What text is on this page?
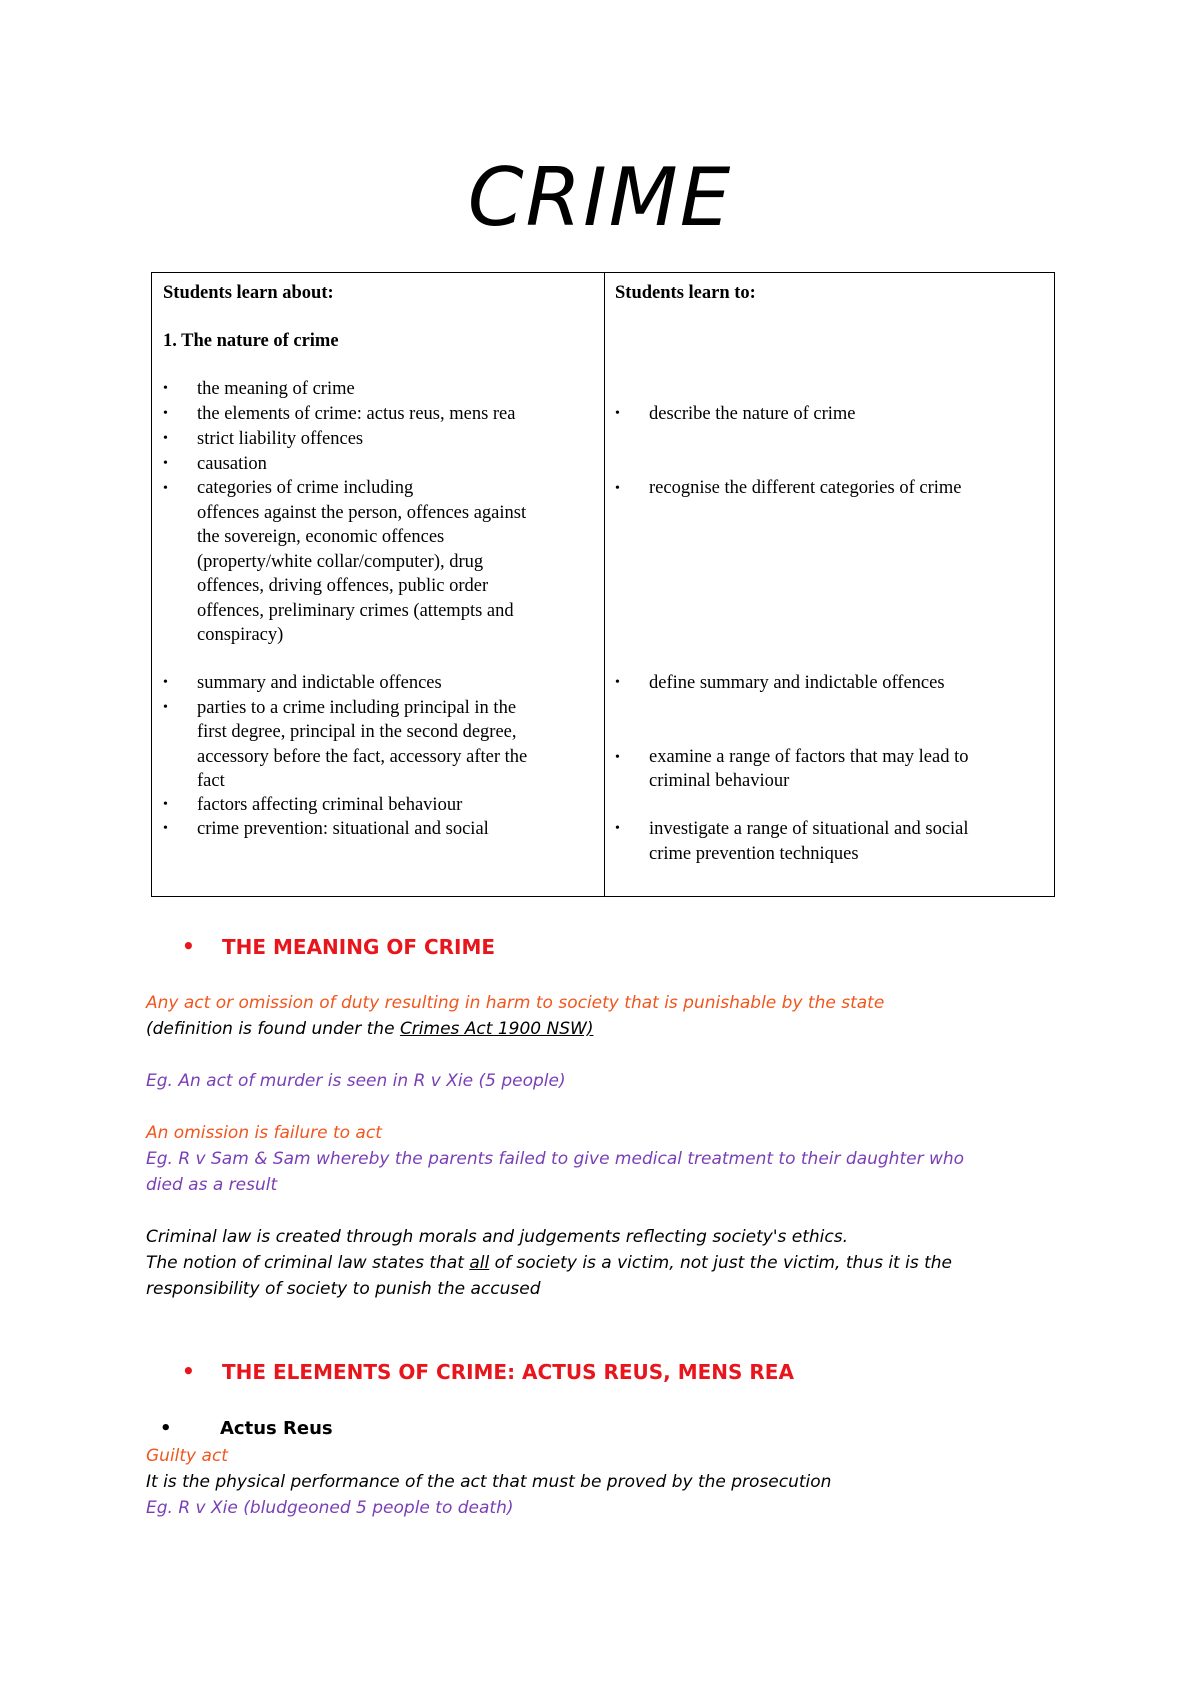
CRIME
Students learn about:
1. The nature of crime
• the meaning of crime
• the elements of crime: actus reus, mens rea
• strict liability offences
• causation
• categories of crime including
offences against the person, offences against
the sovereign, economic offences
(property/white collar/computer), drug
offences, driving offences, public order
offences, preliminary crimes (attempts and
conspiracy)
• summary and indictable offences
• parties to a crime including principal in the
first degree, principal in the second degree,
accessory before the fact, accessory after the
fact
• factors affecting criminal behaviour
• crime prevention: situational and social
Students learn to:
• describe the nature of crime
• recognise the different categories of crime
• define summary and indictable offences
• examine a range of factors that may lead to
criminal behaviour
• investigate a range of situational and social
crime prevention techniques
• THE MEANING OF CRIME
Any act or omission of duty resulting in harm to society that is punishable by the state
(definition is found under the Crimes Act 1900 NSW)
Eg. An act of murder is seen in R v Xie (5 people)
An omission is failure to act
Eg. R v Sam & Sam whereby the parents failed to give medical treatment to their daughter who
died as a result
Criminal law is created through morals and judgements reflecting society's ethics.
The notion of criminal law states that all of society is a victim, not just the victim, thus it is the
responsibility of society to punish the accused
• THE ELEMENTS OF CRIME: ACTUS REUS, MENS REA
•	Actus Reus
Guilty act
It is the physical performance of the act that must be proved by the prosecution
Eg. R v Xie (bludgeoned 5 people to death)
